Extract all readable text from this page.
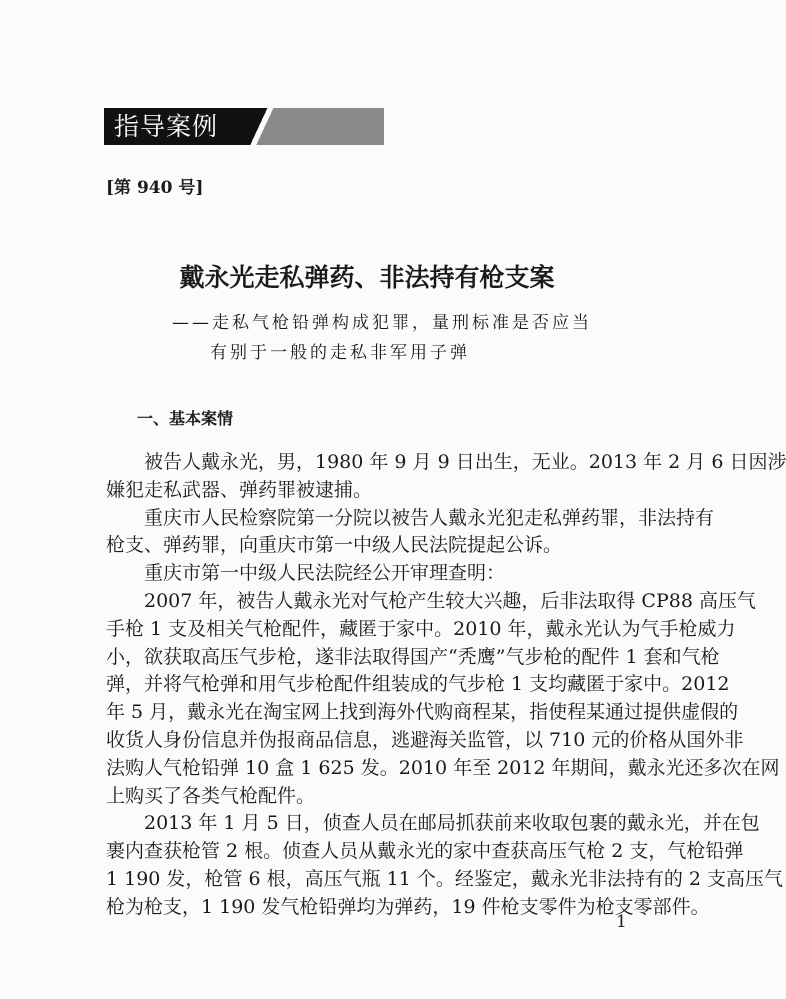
指导案例
[第 940 号]
戴永光走私弹药、非法持有枪支案
——走私气枪铅弹构成犯罪，量刑标准是否应当
有别于一般的走私非军用子弹
一、基本案情
被告人戴永光，男，1980 年 9 月 9 日出生，无业。2013 年 2 月 6 日因涉
嫌犯走私武器、弹药罪被逮捕。
重庆市人民检察院第一分院以被告人戴永光犯走私弹药罪，非法持有
枪支、弹药罪，向重庆市第一中级人民法院提起公诉。
重庆市第一中级人民法院经公开审理查明：
2007 年，被告人戴永光对气枪产生较大兴趣，后非法取得 CP88 高压气
手枪 1 支及相关气枪配件，藏匿于家中。2010 年，戴永光认为气手枪威力
小，欲获取高压气步枪，遂非法取得国产“秃鹰”气步枪的配件 1 套和气枪
弹，并将气枪弹和用气步枪配件组装成的气步枪 1 支均藏匿于家中。2012
年 5 月，戴永光在淘宝网上找到海外代购商程某，指使程某通过提供虚假的
收货人身份信息并伪报商品信息，逃避海关监管，以 710 元的价格从国外非
法购人气枪铅弹 10 盒 1 625 发。2010 年至 2012 年期间，戴永光还多次在网
上购买了各类气枪配件。
2013 年 1 月 5 日，侦查人员在邮局抓获前来收取包裹的戴永光，并在包
裹内查获枪管 2 根。侦查人员从戴永光的家中查获高压气枪 2 支，气枪铅弹
1 190 发，枪管 6 根，高压气瓶 11 个。经鉴定，戴永光非法持有的 2 支高压气
枪为枪支，1 190 发气枪铅弹均为弹药，19 件枪支零件为枪支零部件。
1
